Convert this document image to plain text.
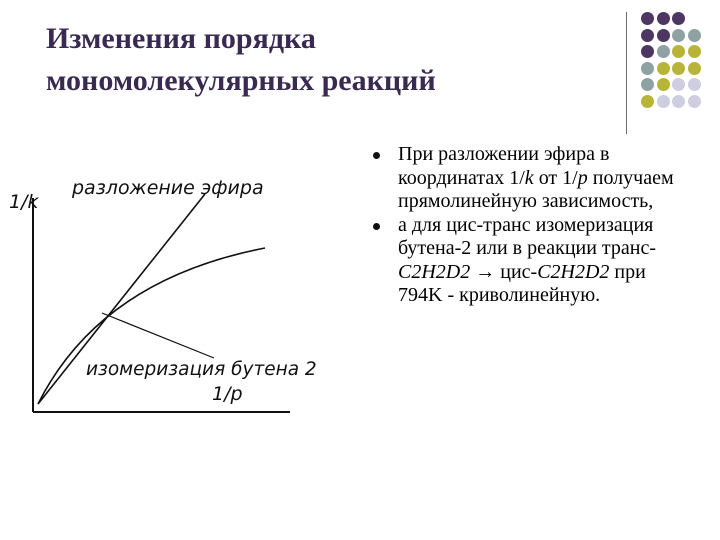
Изменения порядка
мономолекулярных реакций
1/k
разложение эфира
изомеризация бутена 2
1/p

При разложении эфира в координатах 1/k от 1/p получаем прямолинейную зависимость,

а для цис-транс изомеризация бутена-2 или в реакции транс-C2H2D2 → цис-C2H2D2 при 794K - криволинейную.
